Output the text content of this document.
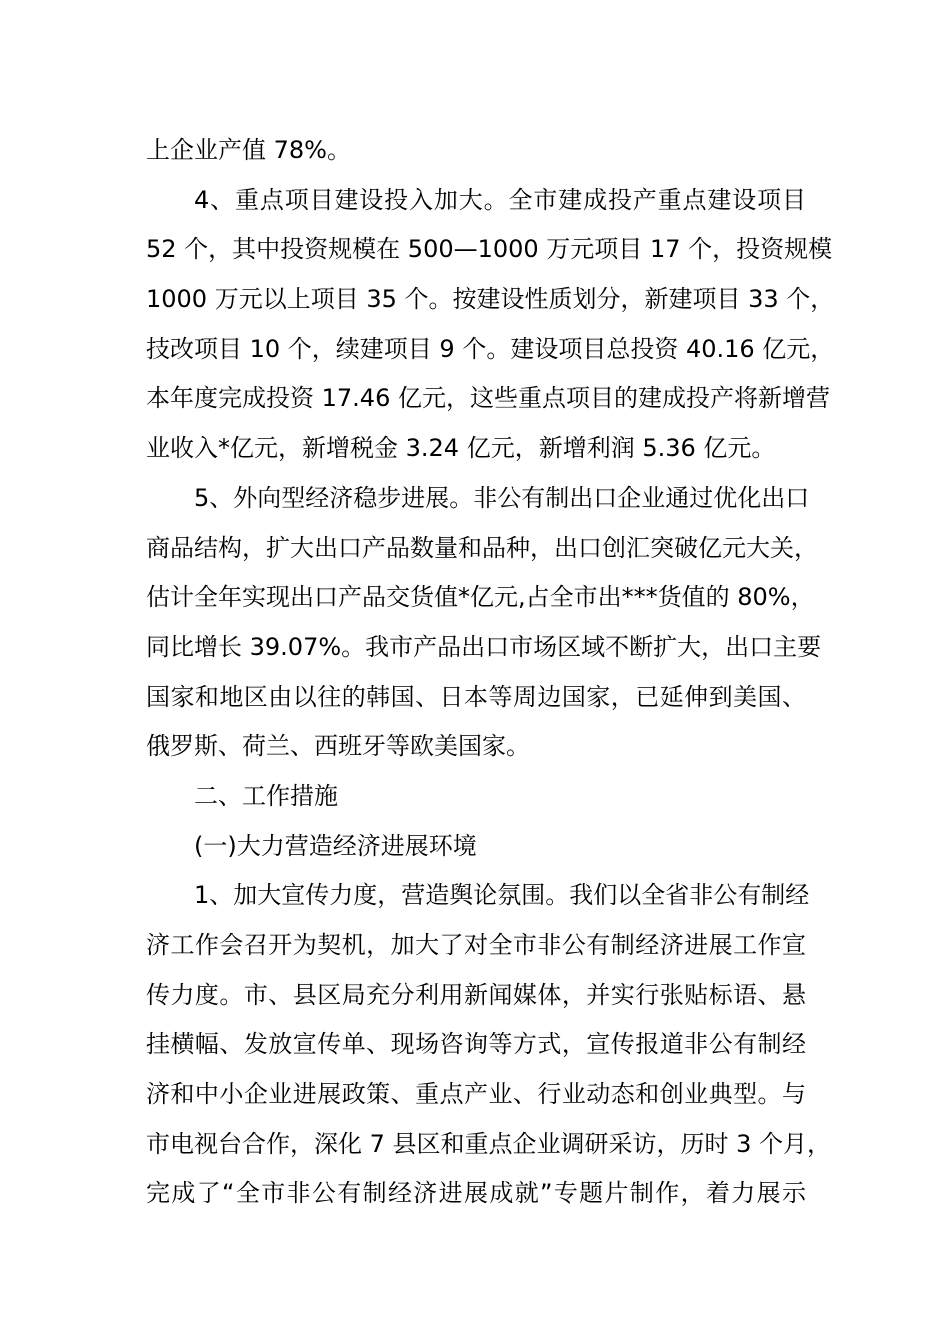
上企业产值 78%。
4、重点项目建设投入加大。全市建成投产重点建设项目
52 个，其中投资规模在 500—1000 万元项目 17 个，投资规模
1000 万元以上项目 35 个。按建设性质划分，新建项目 33 个，
技改项目 10 个，续建项目 9 个。建设项目总投资 40.16 亿元，
本年度完成投资 17.46 亿元，这些重点项目的建成投产将新增营
业收入*亿元，新增税金 3.24 亿元，新增利润 5.36 亿元。
5、外向型经济稳步进展。非公有制出口企业通过优化出口
商品结构，扩大出口产品数量和品种，出口创汇突破亿元大关，
估计全年实现出口产品交货值*亿元,占全市出***货值的 80%，
同比增长 39.07%。我市产品出口市场区域不断扩大，出口主要
国家和地区由以往的韩国、日本等周边国家，已延伸到美国、
俄罗斯、荷兰、西班牙等欧美国家。
二、工作措施
(一)大力营造经济进展环境
1、加大宣传力度，营造舆论氛围。我们以全省非公有制经
济工作会召开为契机，加大了对全市非公有制经济进展工作宣
传力度。市、县区局充分利用新闻媒体，并实行张贴标语、悬
挂横幅、发放宣传单、现场咨询等方式，宣传报道非公有制经
济和中小企业进展政策、重点产业、行业动态和创业典型。与
市电视台合作，深化 7 县区和重点企业调研采访，历时 3 个月，
完成了“全市非公有制经济进展成就”专题片制作，着力展示
